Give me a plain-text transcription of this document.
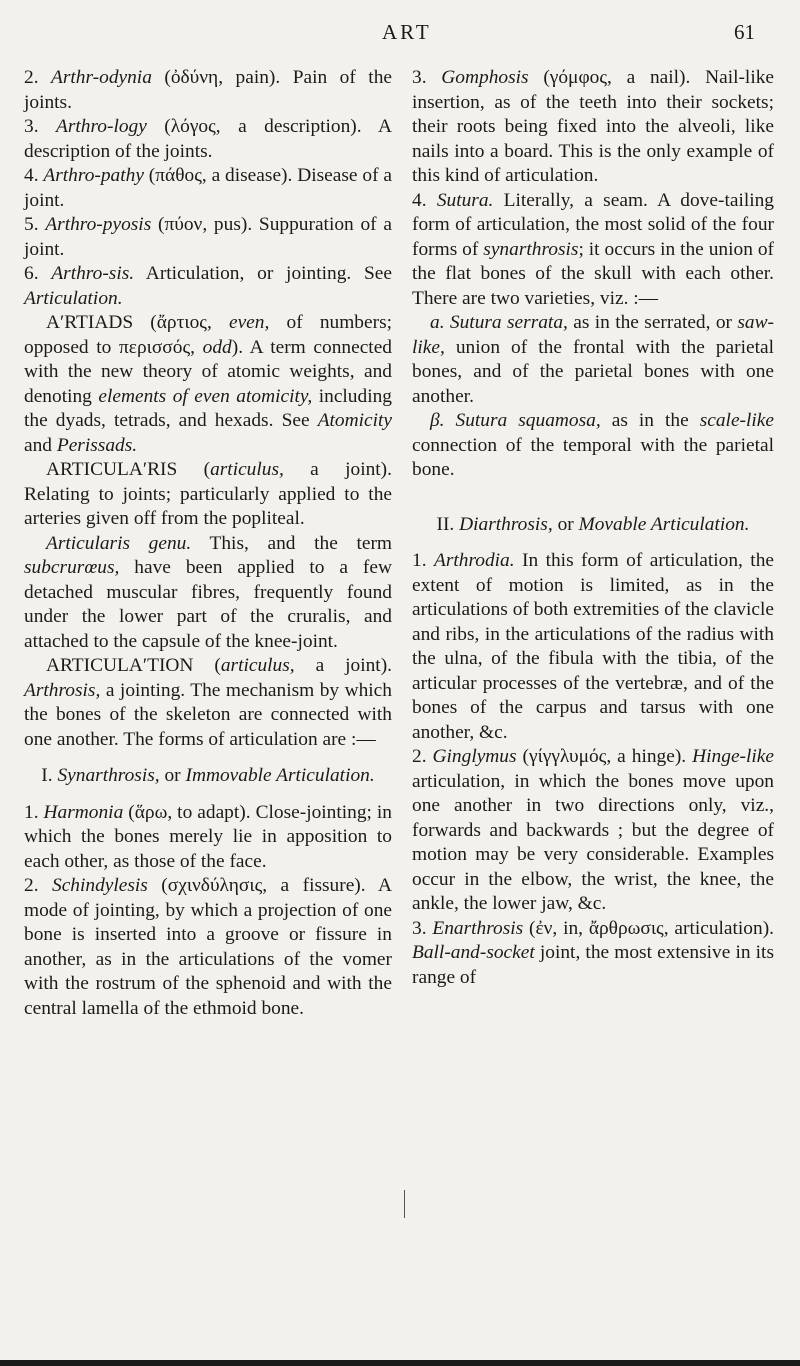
ART	61

2. Arthr-odynia (ὀδύνη, pain). Pain of the joints.

3. Arthro-logy (λόγος, a description). A description of the joints.

4. Arthro-pathy (πάθος, a disease). Disease of a joint.

5. Arthro-pyosis (πύον, pus). Suppuration of a joint.

6. Arthro-sis. Articulation, or jointing. See Articulation.

A′RTIADS (ἄρτιος, even, of numbers; opposed to περισσός, odd). A term connected with the new theory of atomic weights, and denoting elements of even atomicity, including the dyads, tetrads, and hexads. See Atomicity and Perissads.

ARTICULA′RIS (articulus, a joint). Relating to joints; particularly applied to the arteries given off from the popliteal.

Articularis genu. This, and the term subcrurœus, have been applied to a few detached muscular fibres, frequently found under the lower part of the cruralis, and attached to the capsule of the knee-joint.

ARTICULA′TION (articulus, a joint). Arthrosis, a jointing. The mechanism by which the bones of the skeleton are connected with one another. The forms of articulation are :—

I. Synarthrosis, or Immovable Articulation.

1. Harmonia (ἅρω, to adapt). Close-jointing; in which the bones merely lie in apposition to each other, as those of the face.

2. Schindylesis (σχινδύλησις, a fissure). A mode of jointing, by which a projection of one bone is inserted into a groove or fissure in another, as in the articulations of the vomer with the rostrum of the sphenoid and with the central lamella of the ethmoid bone.

3. Gomphosis (γόμφος, a nail). Nail-like insertion, as of the teeth into their sockets; their roots being fixed into the alveoli, like nails into a board. This is the only example of this kind of articulation.

4. Sutura. Literally, a seam. A dove-tailing form of articulation, the most solid of the four forms of synarthrosis; it occurs in the union of the flat bones of the skull with each other. There are two varieties, viz. :—

a. Sutura serrata, as in the serrated, or saw-like, union of the frontal with the parietal bones, and of the parietal bones with one another.

β. Sutura squamosa, as in the scale-like connection of the temporal with the parietal bone.

II. Diarthrosis, or Movable Articulation.

1. Arthrodia. In this form of articulation, the extent of motion is limited, as in the articulations of both extremities of the clavicle and ribs, in the articulations of the radius with the ulna, of the fibula with the tibia, of the articular processes of the vertebræ, and of the bones of the carpus and tarsus with one another, &c.

2. Ginglymus (γίγγλυμός, a hinge). Hinge-like articulation, in which the bones move upon one another in two directions only, viz., forwards and backwards ; but the degree of motion may be very considerable. Examples occur in the elbow, the wrist, the knee, the ankle, the lower jaw, &c.

3. Enarthrosis (ἐν, in, ἄρθρωσις, articulation). Ball-and-socket joint, the most extensive in its range of
